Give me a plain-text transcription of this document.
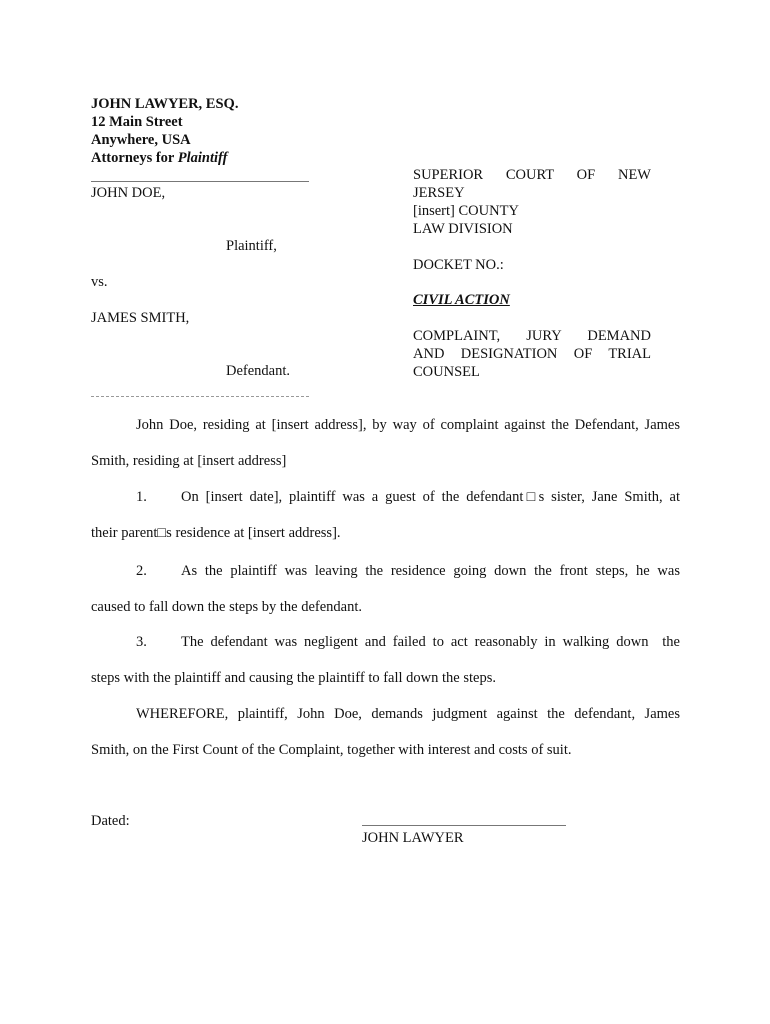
JOHN LAWYER, ESQ.
12 Main Street
Anywhere, USA
Attorneys for Plaintiff
JOHN DOE,
Plaintiff,
vs.
JAMES SMITH,
Defendant.
SUPERIOR COURT OF NEW
JERSEY
[insert] COUNTY
LAW DIVISION
DOCKET NO.:
CIVIL ACTION
COMPLAINT, JURY DEMAND
AND DESIGNATION OF TRIAL
COUNSEL
John Doe, residing at [insert address], by way of complaint against the Defendant, James
Smith, residing at [insert address]
1.	On [insert date], plaintiff was a guest of the defendant□s sister, Jane Smith, at
their parent□s residence at [insert address].
2.	As the plaintiff was leaving the residence going down the front steps, he was
caused to fall down the steps by the defendant.
3.	The defendant was negligent and failed to act reasonably in walking down  the
steps with the plaintiff and causing the plaintiff to fall down the steps.
WHEREFORE, plaintiff, John Doe, demands judgment against the defendant, James
Smith, on the First Count of the Complaint, together with interest and costs of suit.
Dated:
JOHN LAWYER
